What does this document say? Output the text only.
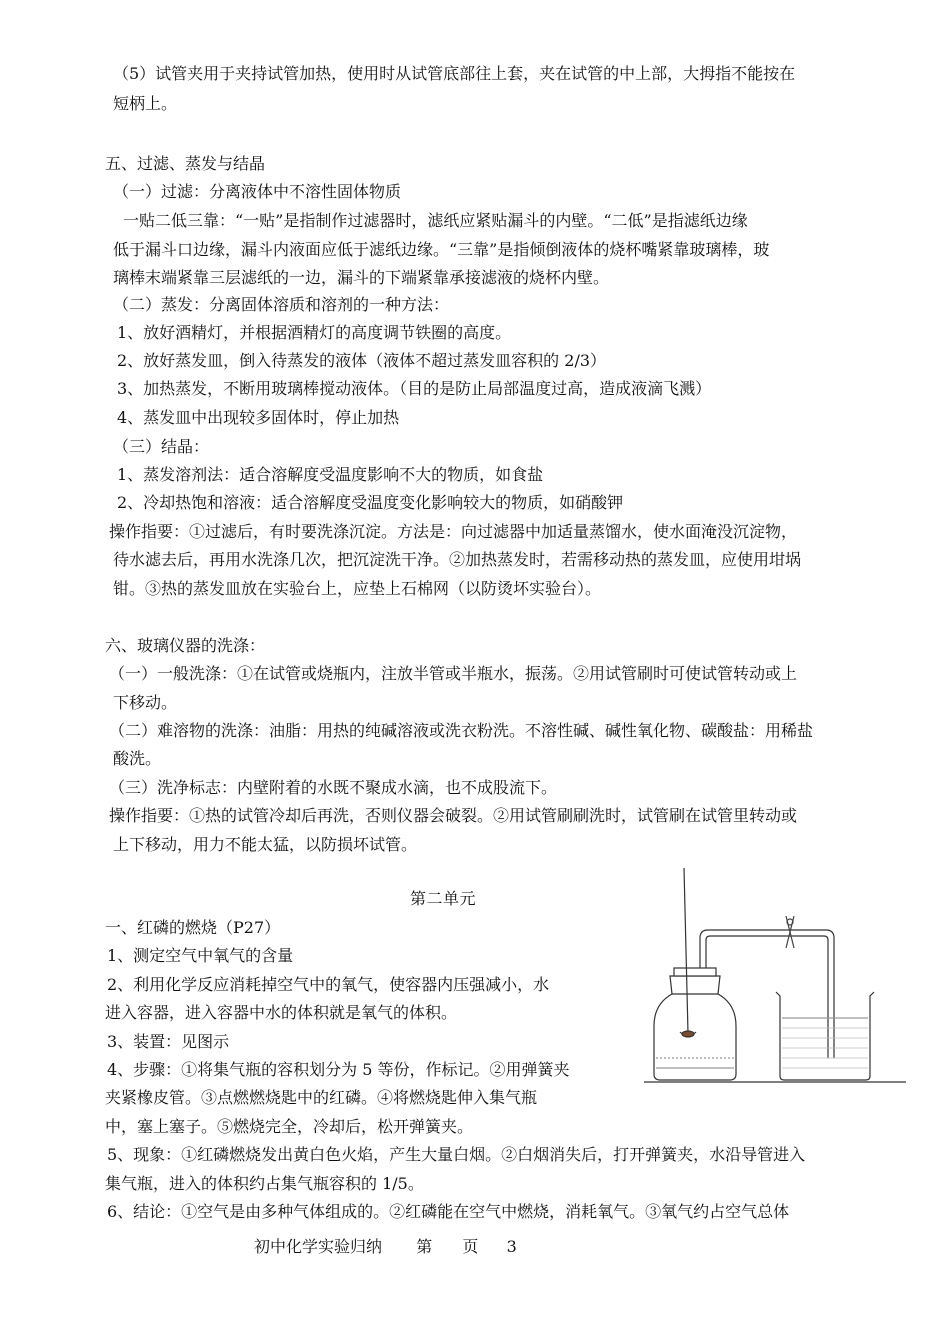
（5）试管夹用于夹持试管加热，使用时从试管底部往上套，夹在试管的中上部，大拇指不能按在
短柄上。
五、过滤、蒸发与结晶
（一）过滤：分离液体中不溶性固体物质
一贴二低三靠：“一贴”是指制作过滤器时，滤纸应紧贴漏斗的内壁。“二低”是指滤纸边缘
低于漏斗口边缘，漏斗内液面应低于滤纸边缘。“三靠”是指倾倒液体的烧杯嘴紧靠玻璃棒，玻
璃棒末端紧靠三层滤纸的一边，漏斗的下端紧靠承接滤液的烧杯内壁。
（二）蒸发：分离固体溶质和溶剂的一种方法：
1、放好酒精灯，并根据酒精灯的高度调节铁圈的高度。
2、放好蒸发皿，倒入待蒸发的液体（液体不超过蒸发皿容积的 2/3）
3、加热蒸发，不断用玻璃棒搅动液体。（目的是防止局部温度过高，造成液滴飞溅）
4、蒸发皿中出现较多固体时，停止加热
（三）结晶：
1、蒸发溶剂法：适合溶解度受温度影响不大的物质，如食盐
2、冷却热饱和溶液：适合溶解度受温度变化影响较大的物质，如硝酸钾
操作指要：①过滤后，有时要洗涤沉淀。方法是：向过滤器中加适量蒸馏水，使水面淹没沉淀物，
待水滤去后，再用水洗涤几次，把沉淀洗干净。②加热蒸发时，若需移动热的蒸发皿，应使用坩埚
钳。③热的蒸发皿放在实验台上，应垫上石棉网（以防烫坏实验台）。
六、玻璃仪器的洗涤：
（一）一般洗涤：①在试管或烧瓶内，注放半管或半瓶水，振荡。②用试管刷时可使试管转动或上
下移动。
（二）难溶物的洗涤：油脂：用热的纯碱溶液或洗衣粉洗。不溶性碱、碱性氧化物、碳酸盐：用稀盐
酸洗。
（三）洗净标志：内壁附着的水既不聚成水滴，也不成股流下。
操作指要：①热的试管冷却后再洗，否则仪器会破裂。②用试管刷刷洗时，试管刷在试管里转动或
上下移动，用力不能太猛，以防损坏试管。
一、红磷的燃烧（P27）
1、测定空气中氧气的含量
2、利用化学反应消耗掉空气中的氧气，使容器内压强减小，水
进入容器，进入容器中水的体积就是氧气的体积。
3、装置：见图示
4、步骤：①将集气瓶的容积划分为 5 等份，作标记。②用弹簧夹
夹紧橡皮管。③点燃燃烧匙中的红磷。④将燃烧匙伸入集气瓶
中，塞上塞子。⑤燃烧完全，冷却后，松开弹簧夹。
5、现象：①红磷燃烧发出黄白色火焰，产生大量白烟。②白烟消失后，打开弹簧夹，水沿导管进入
集气瓶，进入的体积约占集气瓶容积的 1/5。
6、结论：①空气是由多种气体组成的。②红磷能在空气中燃烧，消耗氧气。③氧气约占空气总体
第二单元
初中化学实验归纳 第 页 3
